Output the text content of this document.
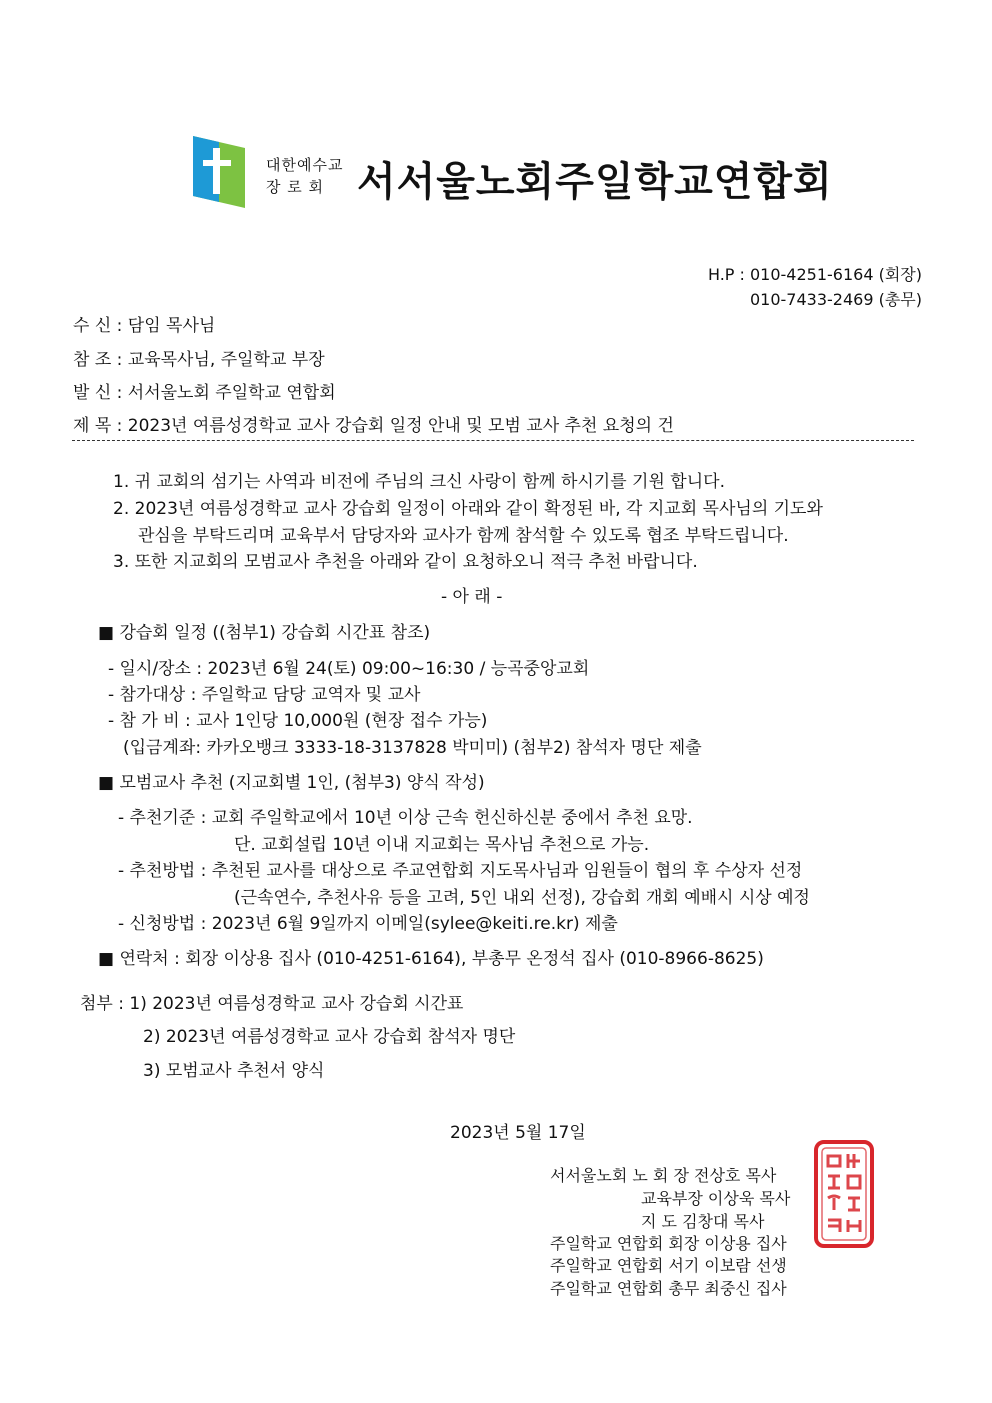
대한예수교
장 로 회 서서울노회주일학교연합회
H.P : 010-4251-6164 (회장)
010-7433-2469 (총무)
수 신 : 담임 목사님
참 조 : 교육목사님, 주일학교 부장
발 신 : 서서울노회 주일학교 연합회
제 목 : 2023년 여름성경학교 교사 강습회 일정 안내 및 모범 교사 추천 요청의 건
1. 귀 교회의 섬기는 사역과 비전에 주님의 크신 사랑이 함께 하시기를 기원 합니다.
2. 2023년 여름성경학교 교사 강습회 일정이 아래와 같이 확정된 바, 각 지교회 목사님의 기도와
관심을 부탁드리며 교육부서 담당자와 교사가 함께 참석할 수 있도록 협조 부탁드립니다.
3. 또한 지교회의 모범교사 추천을 아래와 같이 요청하오니 적극 추천 바랍니다.
- 아 래 -
■ 강습회 일정 ((첨부1) 강습회 시간표 참조)
- 일시/장소 : 2023년 6월 24(토) 09:00~16:30 / 능곡중앙교회
- 참가대상 : 주일학교 담당 교역자 및 교사
- 참 가 비 : 교사 1인당 10,000원 (현장 접수 가능)
(입금계좌: 카카오뱅크 3333-18-3137828 박미미) (첨부2) 참석자 명단 제출
■ 모범교사 추천 (지교회별 1인, (첨부3) 양식 작성)
- 추천기준 : 교회 주일학교에서 10년 이상 근속 헌신하신분 중에서 추천 요망.
단. 교회설립 10년 이내 지교회는 목사님 추천으로 가능.
- 추천방법 : 추천된 교사를 대상으로 주교연합회 지도목사님과 임원들이 협의 후 수상자 선정
(근속연수, 추천사유 등을 고려, 5인 내외 선정), 강습회 개회 예배시 시상 예정
- 신청방법 : 2023년 6월 9일까지 이메일(sylee@keiti.re.kr) 제출
■ 연락처 : 회장 이상용 집사 (010-4251-6164), 부총무 온정석 집사 (010-8966-8625)
첨부 : 1) 2023년 여름성경학교 교사 강습회 시간표
2) 2023년 여름성경학교 교사 강습회 참석자 명단
3) 모범교사 추천서 양식
2023년 5월 17일
서서울노회 노 회 장 전상호 목사
교육부장 이상욱 목사
지 도 김창대 목사
주일학교 연합회 회장 이상용 집사
주일학교 연합회 서기 이보람 선생
주일학교 연합회 총무 최중신 집사
